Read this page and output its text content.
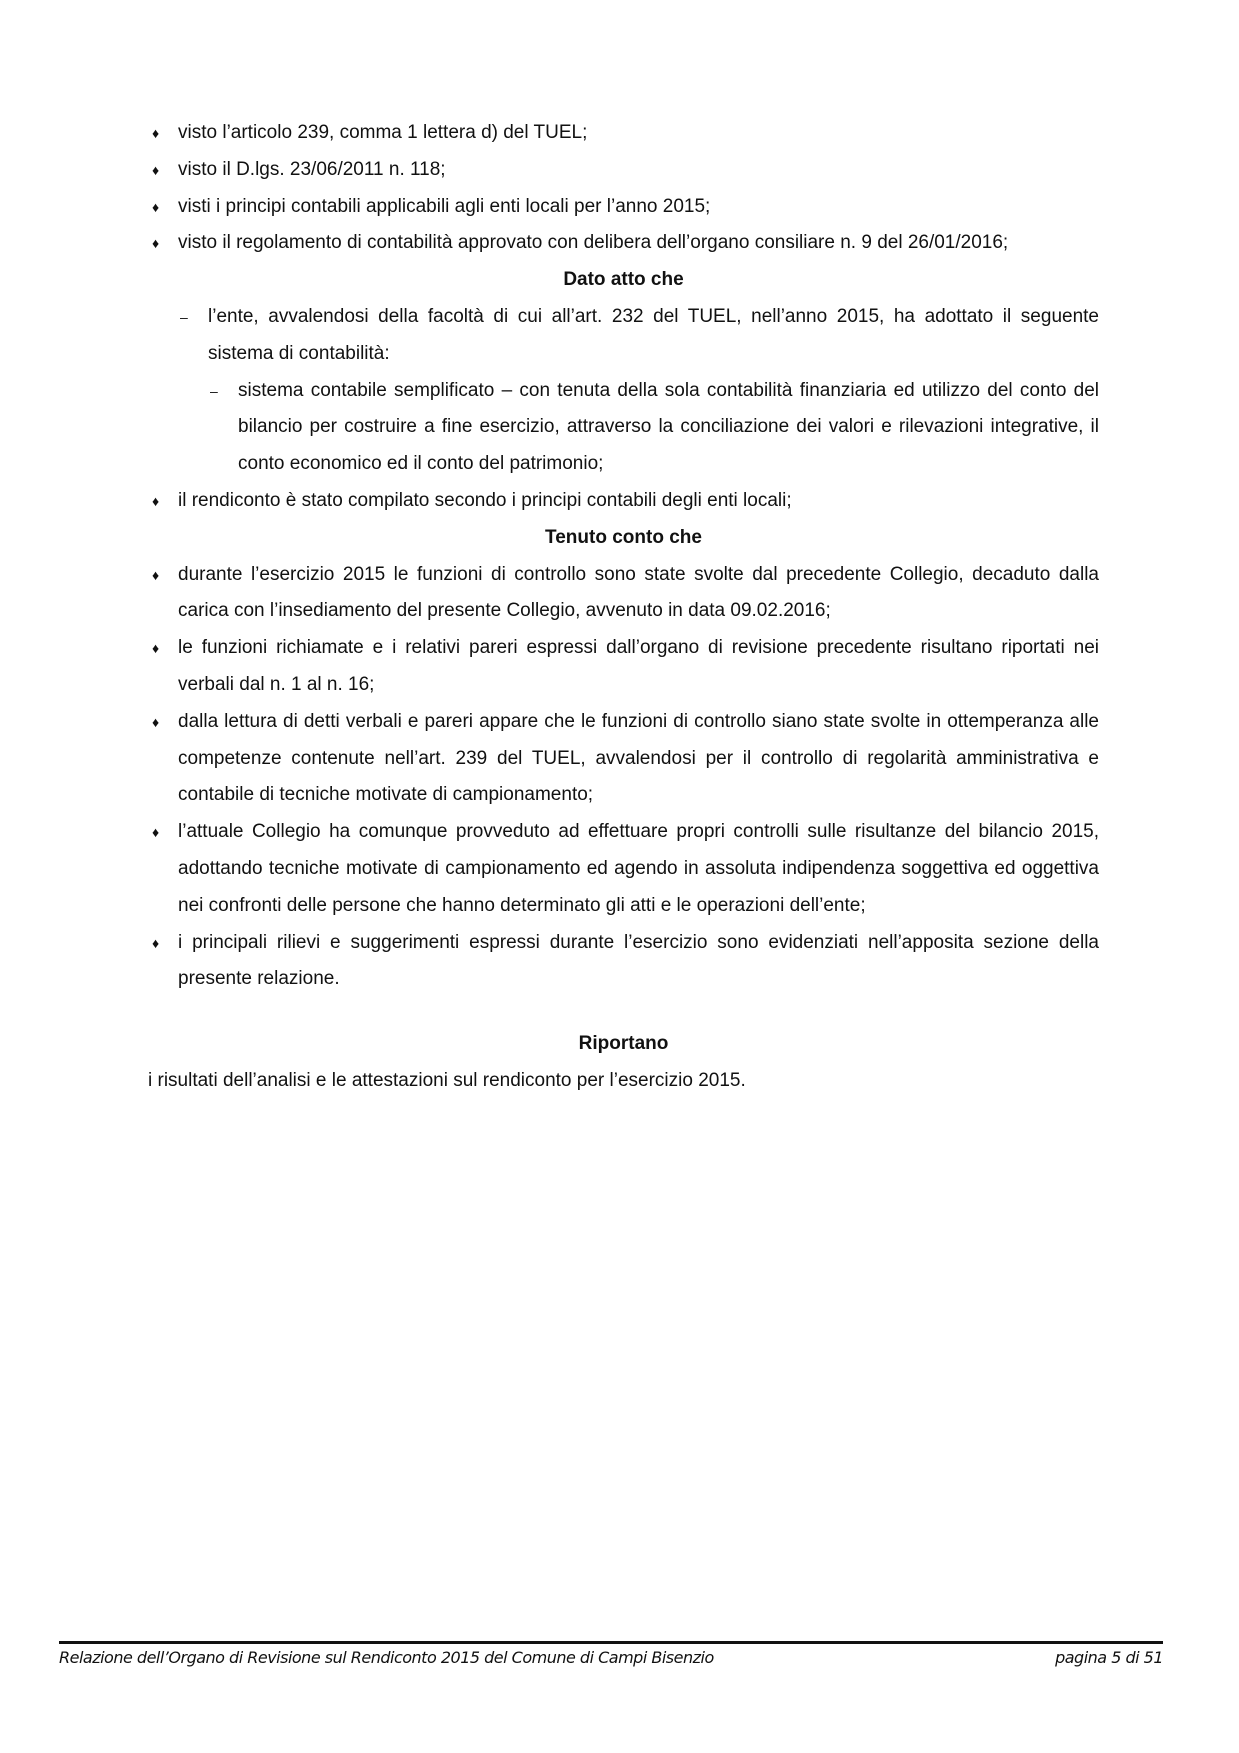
♦ visto l’articolo 239, comma 1 lettera d) del TUEL;
♦ visto il D.lgs. 23/06/2011 n. 118;
♦ visti i principi contabili applicabili agli enti locali per l’anno 2015;
♦ visto il regolamento di contabilità approvato con delibera dell’organo consiliare n. 9 del 26/01/2016;
Dato atto che
– l’ente, avvalendosi della facoltà di cui all’art. 232 del TUEL, nell’anno 2015, ha adottato il seguente sistema di contabilità:
– sistema contabile semplificato – con tenuta della sola contabilità finanziaria ed utilizzo del conto del bilancio per costruire a fine esercizio, attraverso la conciliazione dei valori e rilevazioni integrative, il conto economico ed il conto del patrimonio;
♦ il rendiconto è stato compilato secondo i principi contabili degli enti locali;
Tenuto conto che
♦ durante l’esercizio 2015 le funzioni di controllo sono state svolte dal precedente Collegio, decaduto dalla carica con l’insediamento del presente Collegio, avvenuto in data 09.02.2016;
♦ le funzioni richiamate e i relativi pareri espressi dall’organo di revisione precedente risultano riportati nei verbali dal n. 1 al n. 16;
♦ dalla lettura di detti verbali e pareri appare che le funzioni di controllo siano state svolte in ottemperanza alle competenze contenute nell’art. 239 del TUEL, avvalendosi per il controllo di regolarità amministrativa e contabile di tecniche motivate di campionamento;
♦ l’attuale Collegio ha comunque provveduto ad effettuare propri controlli sulle risultanze del bilancio 2015, adottando tecniche motivate di campionamento ed agendo in assoluta indipendenza soggettiva ed oggettiva nei confronti delle persone che hanno determinato gli atti e le operazioni dell’ente;
♦ i principali rilievi e suggerimenti espressi durante l’esercizio sono evidenziati nell’apposita sezione della presente relazione.
Riportano
i risultati dell’analisi e le attestazioni sul rendiconto per l’esercizio 2015.
Relazione dell’Organo di Revisione sul Rendiconto 2015 del Comune di Campi Bisenzio	pagina 5 di 51
